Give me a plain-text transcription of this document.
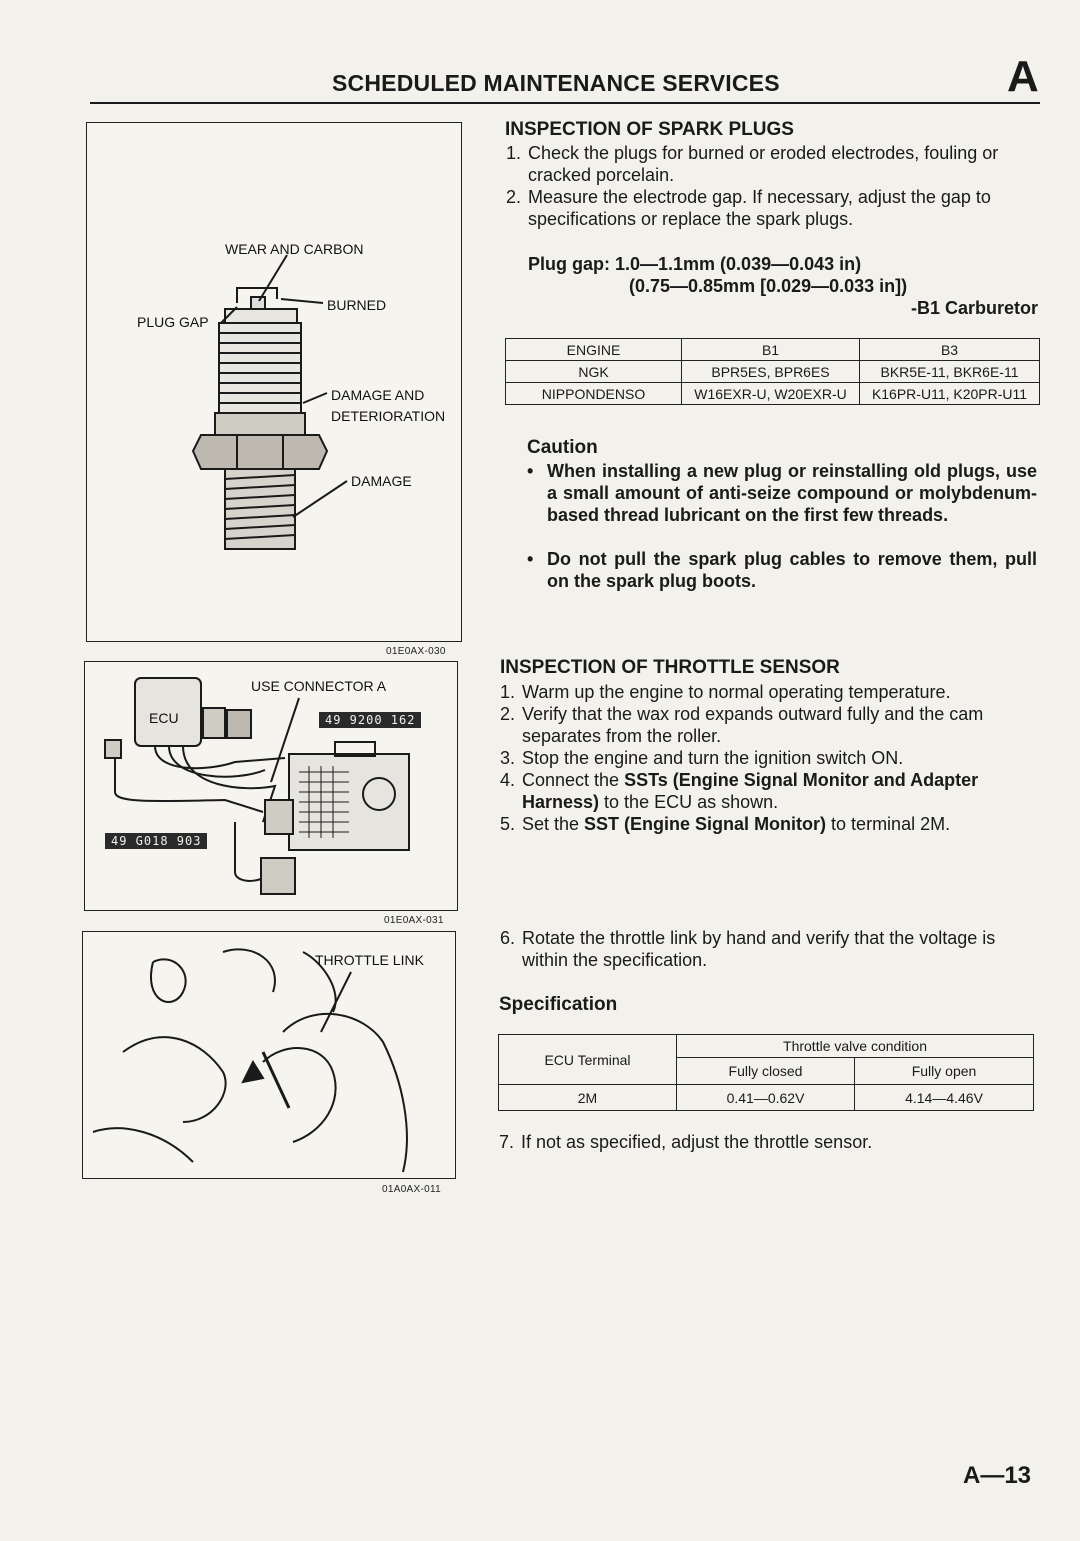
SCHEDULED MAINTENANCE SERVICES	A
WEAR AND CARBON
BURNED
PLUG GAP
DAMAGE AND
DETERIORATION
DAMAGE
01E0AX-030
USE CONNECTOR A
ECU	49 9200 162
49 G018 903
01E0AX-031
THROTTLE LINK
01A0AX-011
INSPECTION OF SPARK PLUGS
1. Check the plugs for burned or eroded electrodes, fouling or cracked porcelain.
2. Measure the electrode gap. If necessary, adjust the gap to specifications or replace the spark plugs.
Plug gap: 1.0—1.1mm (0.039—0.043 in)
(0.75—0.85mm [0.029—0.033 in])
-B1 Carburetor
ENGINE	B1	B3
NGK	BPR5ES, BPR6ES	BKR5E-11, BKR6E-11
NIPPONDENSO	W16EXR-U, W20EXR-U	K16PR-U11, K20PR-U11
Caution
• When installing a new plug or reinstalling old plugs, use a small amount of anti-seize compound or molybdenum-based thread lubricant on the first few threads.
• Do not pull the spark plug cables to remove them, pull on the spark plug boots.
INSPECTION OF THROTTLE SENSOR
1. Warm up the engine to normal operating temperature.
2. Verify that the wax rod expands outward fully and the cam separates from the roller.
3. Stop the engine and turn the ignition switch ON.
4. Connect the SSTs (Engine Signal Monitor and Adapter Harness) to the ECU as shown.
5. Set the SST (Engine Signal Monitor) to terminal 2M.
6. Rotate the throttle link by hand and verify that the voltage is within the specification.
Specification
ECU Terminal	Throttle valve condition	
	Fully closed	Fully open
2M	0.41—0.62V	4.14—4.46V
7. If not as specified, adjust the throttle sensor.
A—13
